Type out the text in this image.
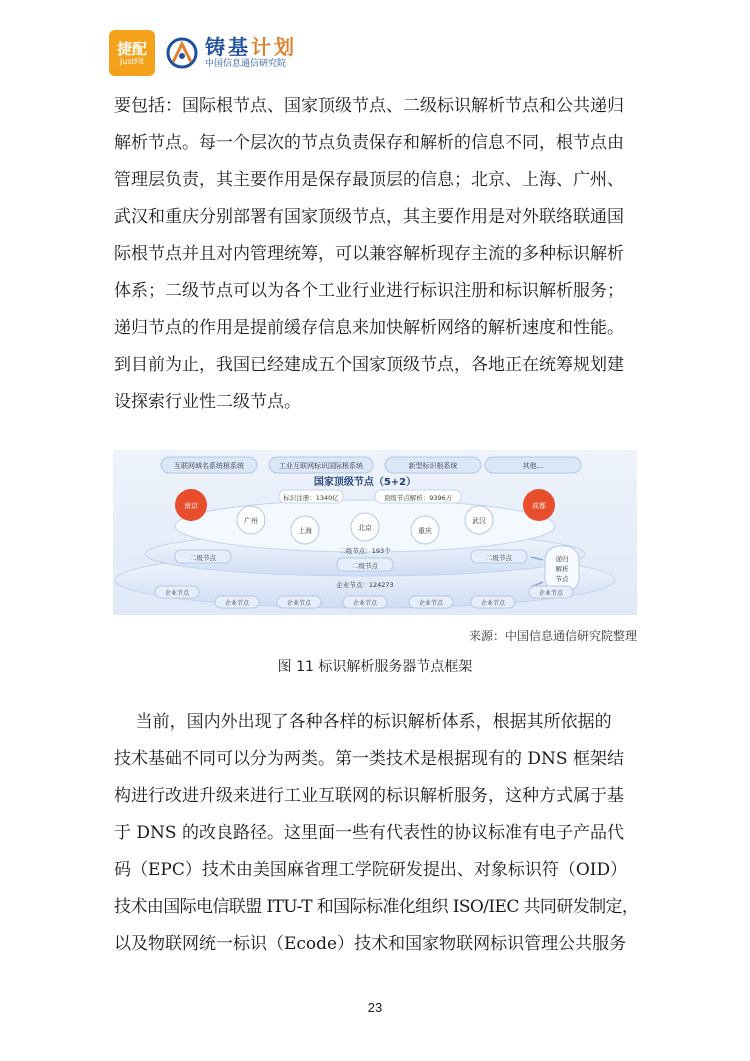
捷配
JustFit
铸基计划
中国信息通信研究院
要包括：国际根节点、国家顶级节点、二级标识解析节点和公共递归
解析节点。每一个层次的节点负责保存和解析的信息不同，根节点由
管理层负责，其主要作用是保存最顶层的信息；北京、上海、广州、
武汉和重庆分别部署有国家顶级节点，其主要作用是对外联络联通国
际根节点并且对内管理统筹，可以兼容解析现存主流的多种标识解析
体系；二级节点可以为各个工业行业进行标识注册和标识解析服务；
递归节点的作用是提前缓存信息来加快解析网络的解析速度和性能。
到目前为止，我国已经建成五个国家顶级节点，各地正在统筹规划建
设探索行业性二级节点。
互联网域名系统根系统	工业互联网标识国际根系统	新型标识根系统	其他...
国家顶级节点（5+2）
标识注册：1340亿	顶级节点解析：9396万
南京	成都
广州
上海	北京	重庆
武汉
二级节点：193个
二级节点
二级节点
二级节点	递归
解析
节点
企业节点：124273
企业节点
企业节点	企业节点	企业节点	企业节点	企业节点
企业节点
来源：中国信息通信研究院整理
图 11 标识解析服务器节点框架
当前，国内外出现了各种各样的标识解析体系，根据其所依据的
技术基础不同可以分为两类。第一类技术是根据现有的 DNS 框架结
构进行改进升级来进行工业互联网的标识解析服务，这种方式属于基
于 DNS 的改良路径。这里面一些有代表性的协议标准有电子产品代
码（EPC）技术由美国麻省理工学院研发提出、对象标识符（OID）
技术由国际电信联盟 ITU-T 和国际标准化组织 ISO/IEC 共同研发制定，
以及物联网统一标识（Ecode）技术和国家物联网标识管理公共服务
23
